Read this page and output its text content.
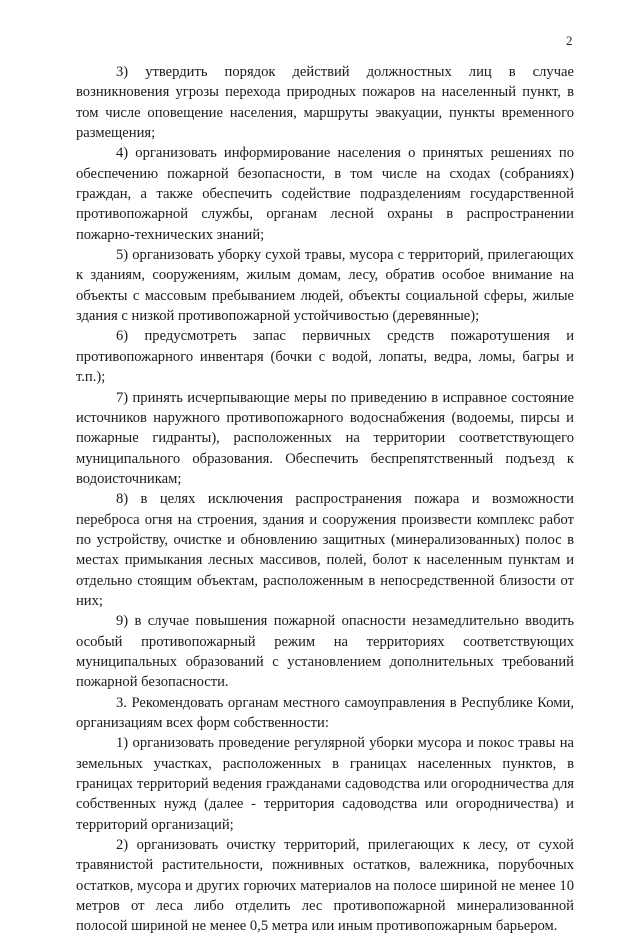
2

3) утвердить порядок действий должностных лиц в случае возникновения угрозы перехода природных пожаров на населенный пункт, в том числе оповещение населения, маршруты эвакуации, пункты временного размещения;

4) организовать информирование населения о принятых решениях по обеспечению пожарной безопасности, в том числе на сходах (собраниях) граждан, а также обеспечить содействие подразделениям государственной противопожарной службы, органам лесной охраны в распространении пожарно-технических знаний;

5) организовать уборку сухой травы, мусора с территорий, прилегающих к зданиям, сооружениям, жилым домам, лесу, обратив особое внимание на объекты с массовым пребыванием людей, объекты социальной сферы, жилые здания с низкой противопожарной устойчивостью (деревянные);

6) предусмотреть запас первичных средств пожаротушения и противопожарного инвентаря (бочки с водой, лопаты, ведра, ломы, багры и т.п.);

7) принять исчерпывающие меры по приведению в исправное состояние источников наружного противопожарного водоснабжения (водоемы, пирсы и пожарные гидранты), расположенных на территории соответствующего муниципального образования. Обеспечить беспрепятственный подъезд к водоисточникам;

8) в целях исключения распространения пожара и возможности переброса огня на строения, здания и сооружения произвести комплекс работ по устройству, очистке и обновлению защитных (минерализованных) полос в местах примыкания лесных массивов, полей, болот к населенным пунктам и отдельно стоящим объектам, расположенным в непосредственной близости от них;

9) в случае повышения пожарной опасности незамедлительно вводить особый противопожарный режим на территориях соответствующих муниципальных образований с установлением дополнительных требований пожарной безопасности.

3. Рекомендовать органам местного самоуправления в Республике Коми, организациям всех форм собственности:

1) организовать проведение регулярной уборки мусора и покос травы на земельных участках, расположенных в границах населенных пунктов, в границах территорий ведения гражданами садоводства или огородничества для собственных нужд (далее - территория садоводства или огородничества) и территорий организаций;

2) организовать очистку территорий, прилегающих к лесу, от сухой травянистой растительности, пожнивных остатков, валежника, порубочных остатков, мусора и других горючих материалов на полосе шириной не менее 10 метров от леса либо отделить лес противопожарной минерализованной полосой шириной не менее 0,5 метра или иным противопожарным барьером.
